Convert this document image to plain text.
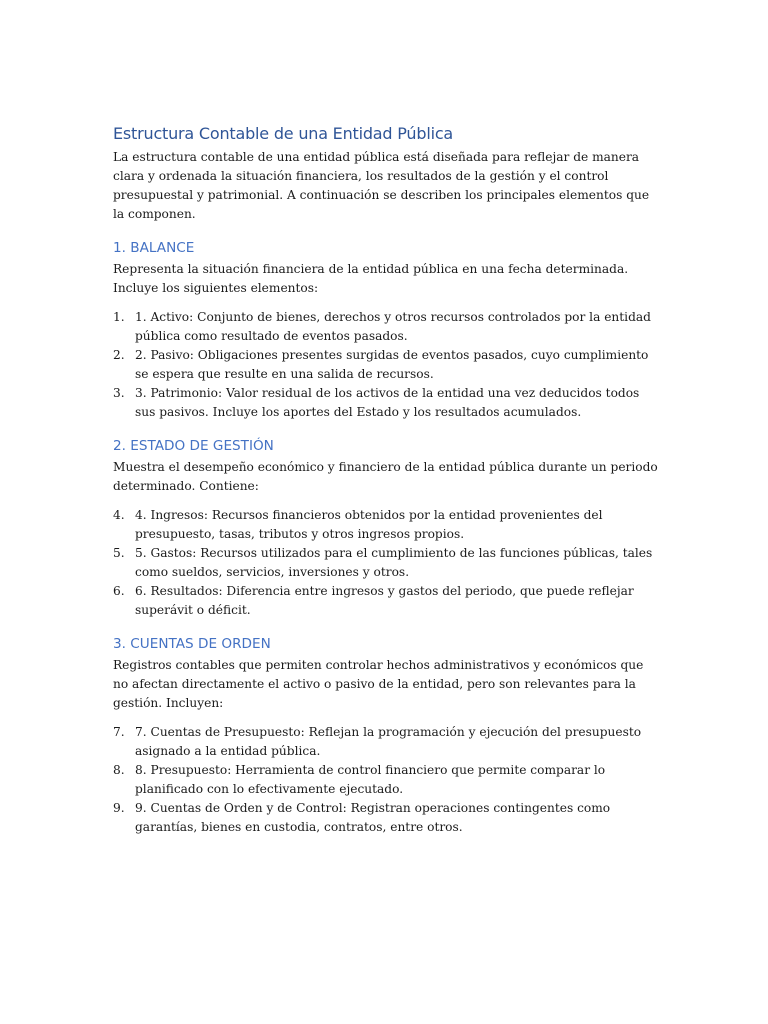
Estructura Contable de una Entidad Pública

La estructura contable de una entidad pública está diseñada para reflejar de manera clara y ordenada la situación financiera, los resultados de la gestión y el control presupuestal y patrimonial. A continuación se describen los principales elementos que la componen.

1. BALANCE

Representa la situación financiera de la entidad pública en una fecha determinada. Incluye los siguientes elementos:

1. 1. Activo: Conjunto de bienes, derechos y otros recursos controlados por la entidad pública como resultado de eventos pasados.
2. 2. Pasivo: Obligaciones presentes surgidas de eventos pasados, cuyo cumplimiento se espera que resulte en una salida de recursos.
3. 3. Patrimonio: Valor residual de los activos de la entidad una vez deducidos todos sus pasivos. Incluye los aportes del Estado y los resultados acumulados.
2. ESTADO DE GESTIÓN

Muestra el desempeño económico y financiero de la entidad pública durante un periodo determinado. Contiene:

4. 4. Ingresos: Recursos financieros obtenidos por la entidad provenientes del presupuesto, tasas, tributos y otros ingresos propios.
5. 5. Gastos: Recursos utilizados para el cumplimiento de las funciones públicas, tales como sueldos, servicios, inversiones y otros.
6. 6. Resultados: Diferencia entre ingresos y gastos del periodo, que puede reflejar superávit o déficit.
3. CUENTAS DE ORDEN

Registros contables que permiten controlar hechos administrativos y económicos que no afectan directamente el activo o pasivo de la entidad, pero son relevantes para la gestión. Incluyen:

7. 7. Cuentas de Presupuesto: Reflejan la programación y ejecución del presupuesto asignado a la entidad pública.
8. 8. Presupuesto: Herramienta de control financiero que permite comparar lo planificado con lo efectivamente ejecutado.
9. 9. Cuentas de Orden y de Control: Registran operaciones contingentes como garantías, bienes en custodia, contratos, entre otros.
